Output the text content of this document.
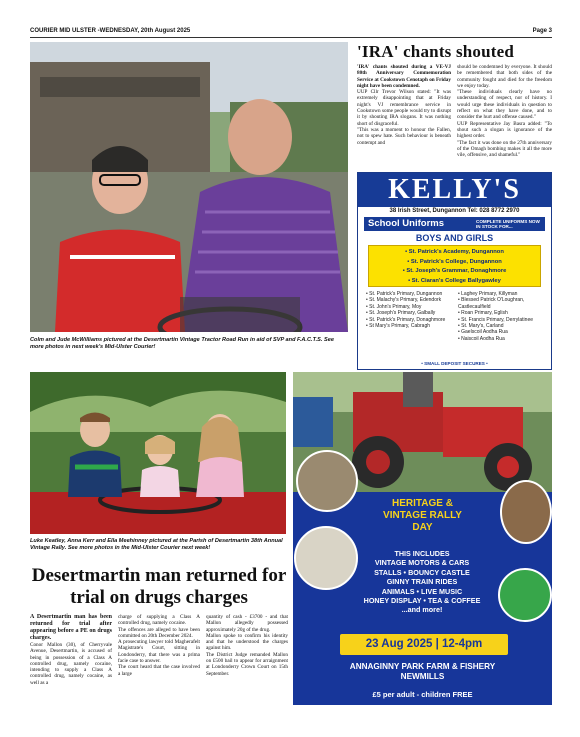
COURIER MID ULSTER -WEDNESDAY, 20th August 2025	Page 3
Colm and Jude McWilliams pictured at the Desertmartin Vintage Tractor Road Run in aid of SVP and F.A.C.T.S. See more photos in next week's Mid-Ulster Courier!
'IRA' chants shouted

'IRA' chants shouted during a VE-VJ 80th Anniversary Commemoration Service at Cookstown Cenotaph on Friday night have been condemned.

UUP Cllr Trevor Wilson stated: "It was extremely disappointing that at Friday night's VJ remembrance service in Cookstown some people would try to disrupt it by shouting IRA slogans. It was nothing short of disgraceful.

"This was a moment to honour the Fallen, not to spew hate. Such behaviour is beneath contempt and

should be condemned by everyone. It should be remembered that both sides of the community fought and died for the freedom we enjoy today.

"These individuals clearly have no understanding of respect, nor of history. I would urge these individuals in question to reflect on what they have done, and to consider the hurt and offense caused."

UUP Representative Jay Basra added: "To shout such a slogan is ignorance of the highest order.

"The fact it was done on the 27th anniversary of the Omagh bombing makes it all the more vile, offensive, and shameful."

KELLY'S
38 Irish Street, Dungannon Tel: 028 8772 2970
School Uniforms	COMPLETE UNIFORMS NOW IN STOCK FOR...
BOYS AND GIRLS
• St. Patrick's Academy, Dungannon
• St. Patrick's College, Dungannon
• St. Joseph's Grammar, Donaghmore
• St. Ciaran's College Ballygawley
• St. Patrick's Primary, Dungannon
• St. Malachy's Primary, Edendork
• St. John's Primary, Moy
• St. Joseph's Primary, Galbally
• St. Patrick's Primary, Donaghmore
• St Mary's Primary, Cabragh
• Laghey Primary, Killyman
• Blessed Patrick O'Loughran, Castlecaulfield
• Roan Primary, Eglish
• St. Francis Primary, Derrylatinee
• St. Mary's, Carland
• Gaelscoil Aodha Rua
• Naiscoil Aodha Rua
• SMALL DEPOSIT SECURES •
Luke Keatley, Anna Kerr and Ella Meehinney pictured at the Parish of Desertmartin 38th Annual Vintage Rally. See more photos in the Mid-Ulster Courier next week!
HERITAGE &
VINTAGE RALLY
DAY
THIS INCLUDES
VINTAGE MOTORS & CARS
STALLS • BOUNCY CASTLE
GINNY TRAIN RIDES
ANIMALS • LIVE MUSIC
HONEY DISPLAY • TEA & COFFEE
...and more!
23 Aug 2025 | 12-4pm
ANNAGINNY PARK FARM & FISHERY
NEWMILLS
£5 per adult - children FREE
Desertmartin man returned for trial on drugs charges

A Desertmartin man has been returned for trial after appearing before a PE on drugs charges.

Conor Mallon (30), of Cherryvale Avenue, Desertmartin, is accused of being in possession of a Class A controlled drug, namely cocaine, intending to supply a Class A controlled drug, namely cocaine, as well as a

charge of supplying a Class A controlled drug, namely cocaine.

The offences are alleged to have been committed on 20th December 2024.

A prosecuting lawyer told Magherafelt Magistrate's Court, sitting in Londonderry, that there was a prima facie case to answer.

The court heard that the case involved a large

quantity of cash - £3700 - and that Mallon allegedly possessed approximately 20g of the drug.

Mallon spoke to confirm his identity and that he understood the charges against him.

The District Judge remanded Mallon on £500 bail to appear for arraignment at Londonderry Crown Court on 15th September.
